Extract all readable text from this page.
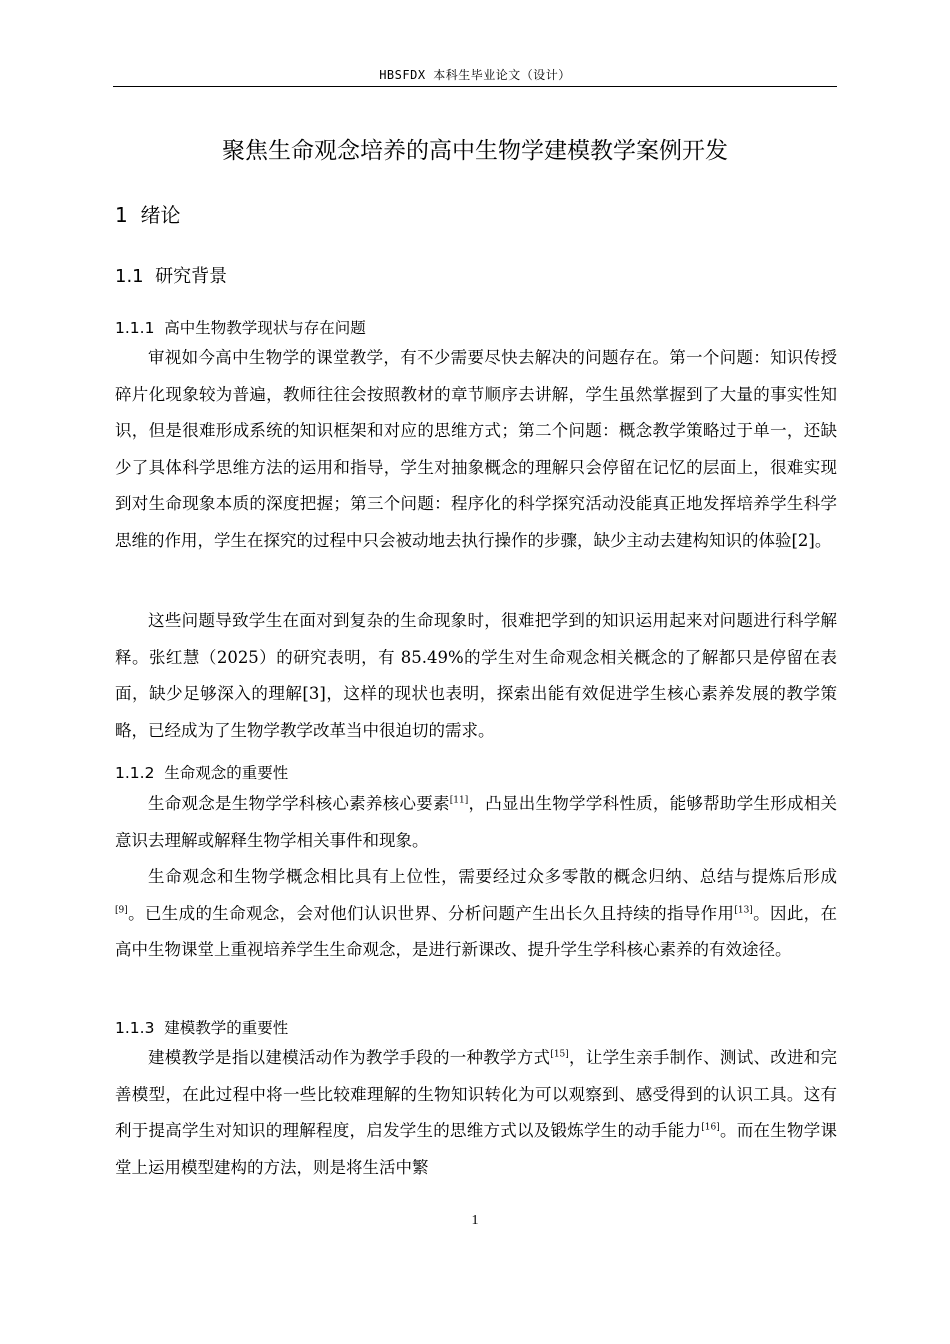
HBSFDX 本科生毕业论文（设计）
聚焦生命观念培养的高中生物学建模教学案例开发
1  绪论
1.1  研究背景
1.1.1  高中生物教学现状与存在问题

审视如今高中生物学的课堂教学，有不少需要尽快去解决的问题存在。第一个问题：知识传授碎片化现象较为普遍，教师往往会按照教材的章节顺序去讲解，学生虽然掌握到了大量的事实性知识，但是很难形成系统的知识框架和对应的思维方式；第二个问题：概念教学策略过于单一，还缺少了具体科学思维方法的运用和指导，学生对抽象概念的理解只会停留在记忆的层面上，很难实现到对生命现象本质的深度把握；第三个问题：程序化的科学探究活动没能真正地发挥培养学生科学思维的作用，学生在探究的过程中只会被动地去执行操作的步骤，缺少主动去建构知识的体验[2]。

这些问题导致学生在面对到复杂的生命现象时，很难把学到的知识运用起来对问题进行科学解释。张红慧（2025）的研究表明，有 85.49%的学生对生命观念相关概念的了解都只是停留在表面，缺少足够深入的理解[3]，这样的现状也表明，探索出能有效促进学生核心素养发展的教学策略，已经成为了生物学教学改革当中很迫切的需求。

1.1.2  生命观念的重要性

生命观念是生物学学科核心素养核心要素[11]，凸显出生物学学科性质，能够帮助学生形成相关意识去理解或解释生物学相关事件和现象。

生命观念和生物学概念相比具有上位性，需要经过众多零散的概念归纳、总结与提炼后形成[9]。已生成的生命观念，会对他们认识世界、分析问题产生出长久且持续的指导作用[13]。因此，在高中生物课堂上重视培养学生生命观念，是进行新课改、提升学生学科核心素养的有效途径。

1.1.3  建模教学的重要性

建模教学是指以建模活动作为教学手段的一种教学方式[15]，让学生亲手制作、测试、改进和完善模型，在此过程中将一些比较难理解的生物知识转化为可以观察到、感受得到的认识工具。这有利于提高学生对知识的理解程度，启发学生的思维方式以及锻炼学生的动手能力[16]。而在生物学课堂上运用模型建构的方法，则是将生活中繁

1
